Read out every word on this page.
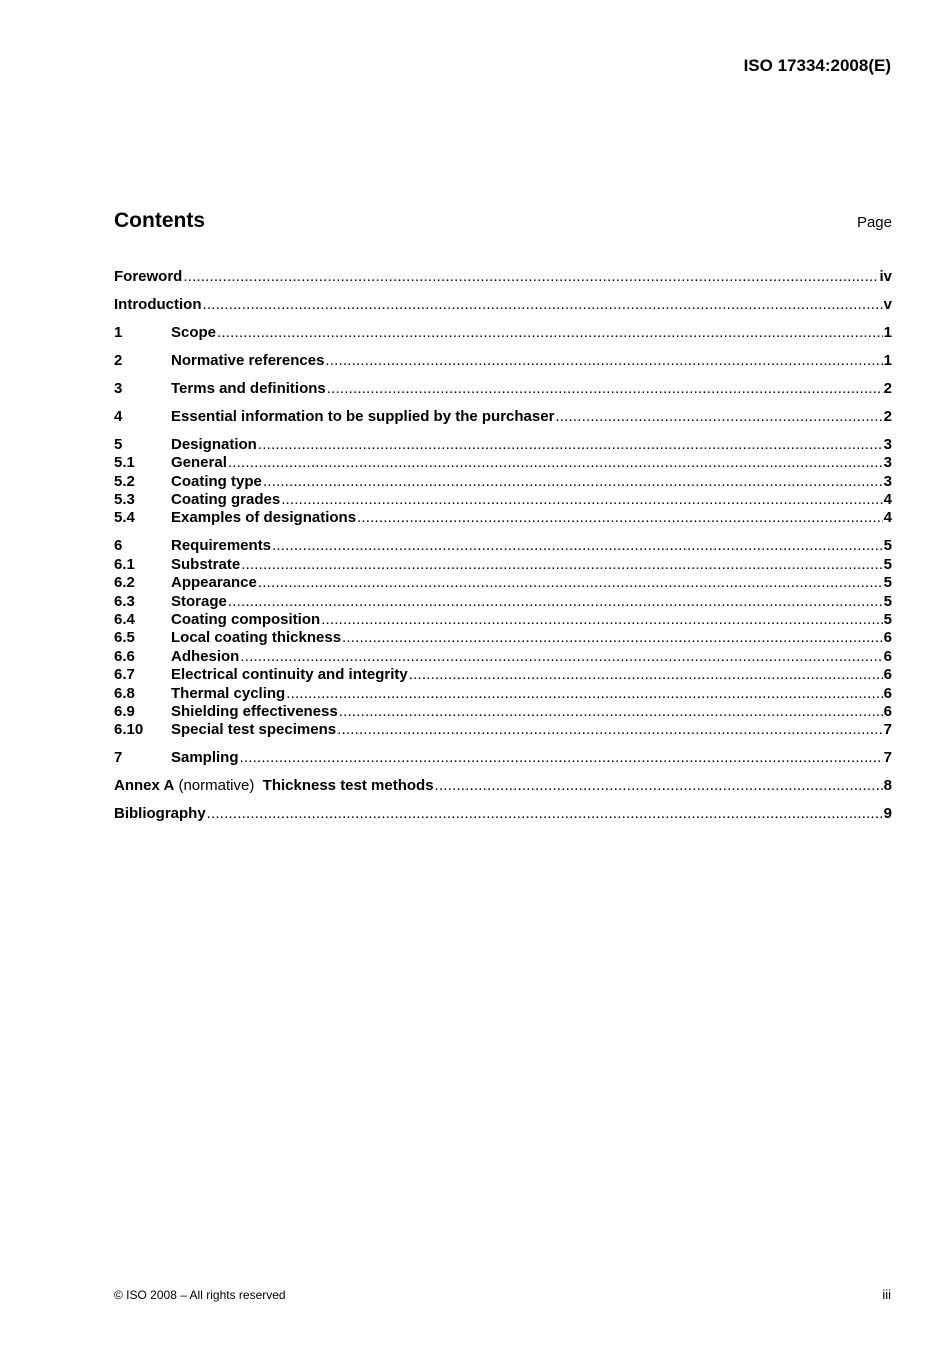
ISO 17334:2008(E)
Contents	Page
Foreword .....	iv
Introduction .....	v
1	Scope .....	1
2	Normative references .....	1
3	Terms and definitions .....	2
4	Essential information to be supplied by the purchaser .....	2
5	Designation .....	3
5.1	General .....	3
5.2	Coating type .....	3
5.3	Coating grades .....	4
5.4	Examples of designations .....	4
6	Requirements .....	5
6.1	Substrate .....	5
6.2	Appearance .....	5
6.3	Storage .....	5
6.4	Coating composition .....	5
6.5	Local coating thickness .....	6
6.6	Adhesion .....	6
6.7	Electrical continuity and integrity .....	6
6.8	Thermal cycling .....	6
6.9	Shielding effectiveness .....	6
6.10	Special test specimens .....	7
7	Sampling .....	7
Annex A (normative)  Thickness test methods .....	8
Bibliography .....	9
© ISO 2008 – All rights reserved	iii
